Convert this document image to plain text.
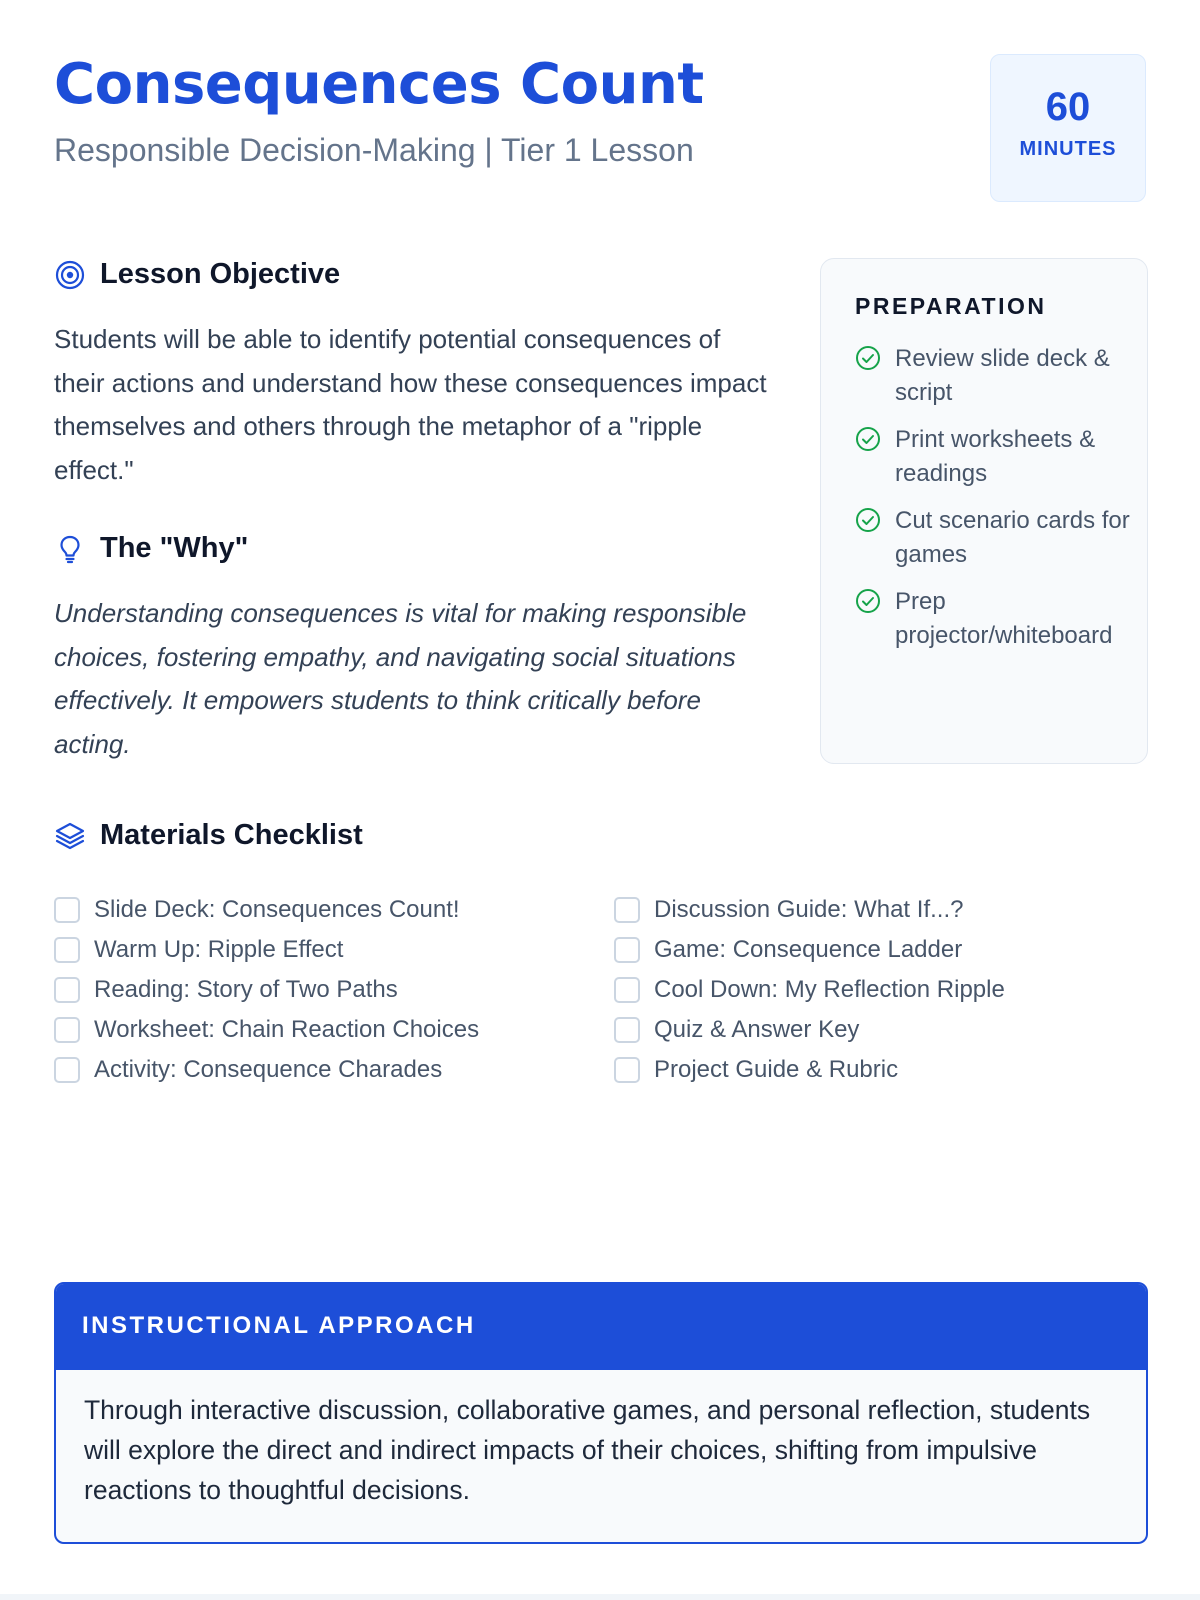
Consequences Count
Responsible Decision-Making | Tier 1 Lesson
60
MINUTES
Lesson Objective

Students will be able to identify potential consequences of their actions and understand how these consequences impact themselves and others through the metaphor of a "ripple effect."

The "Why"

Understanding consequences is vital for making responsible choices, fostering empathy, and navigating social situations effectively. It empowers students to think critically before acting.

PREPARATION
Review slide deck & script
Print worksheets & readings
Cut scenario cards for games
Prep projector/whiteboard
Materials Checklist
Slide Deck: Consequences Count!
Warm Up: Ripple Effect
Reading: Story of Two Paths
Worksheet: Chain Reaction Choices
Activity: Consequence Charades
Discussion Guide: What If...?
Game: Consequence Ladder
Cool Down: My Reflection Ripple
Quiz & Answer Key
Project Guide & Rubric
INSTRUCTIONAL APPROACH

Through interactive discussion, collaborative games, and personal reflection, students will explore the direct and indirect impacts of their choices, shifting from impulsive reactions to thoughtful decisions.
